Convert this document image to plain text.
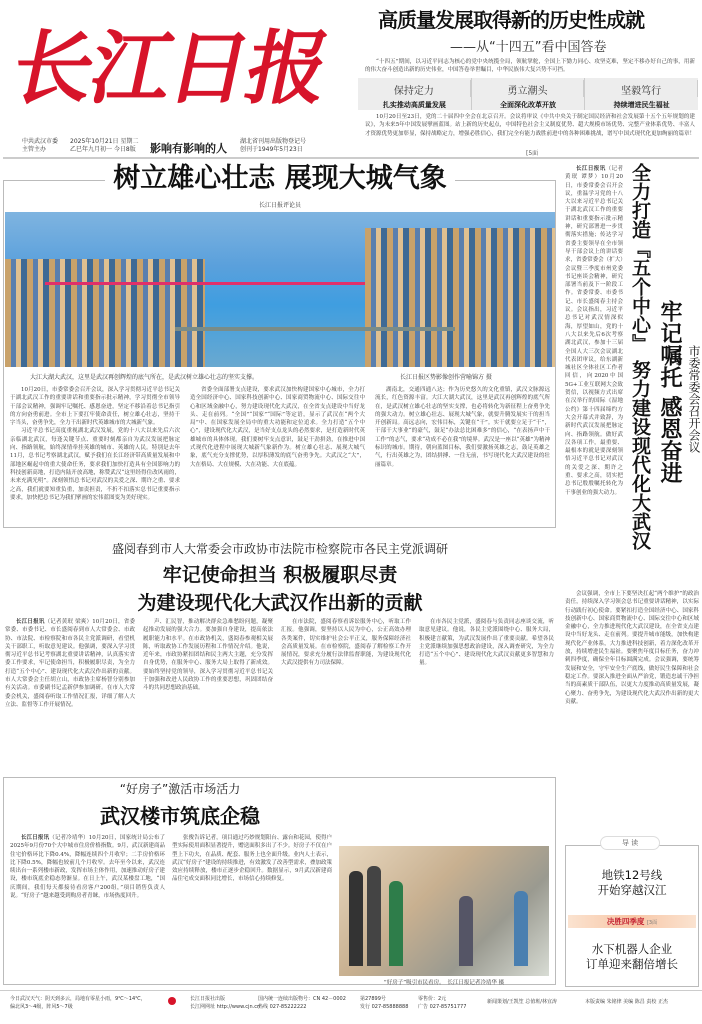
长江日报
中共武汉市委
主管主办
2025年10月21日 星期二
乙巳年九月初一 今日8版 影响有影响的人
湖北省刊用出版物登记号
创刊于1949年5月23日
高质量发展取得新的历史性成就
——从“十四五”看中国答卷
“十四五”期间，以习近平同志为核心的党中央统揽全局，领航掌舵，全国上下勠力同心、攻坚克难，坚定不移办好自己的事，用新的伟大奋斗创造出新的历史伟业，中国答卷举世瞩目，中华民族伟大复兴势不可挡。
保持定力
扎实推动高质量发展
勇立潮头
全面深化改革开放
坚毅笃行
持续增进民生福祉
10月20日至23日，党的二十届四中全会在北京召开。会议将审议《中共中央关于制定国民经济和社会发展第十五个五年规划的建议》，为未来5年中国发展擘画蓝图。站上新的历史起点，中国特色社会主义制度优势、超大规模市场优势、完整产业体系优势、丰富人才资源优势更加彰显，保持战略定力，增强必胜信心，我们完全有能力战胜前进中的各种困难挑战，谱写中国式现代化更加绚丽的篇章！
[5面
树立雄心壮志 展现大城气象
长江日报评论员
大江大湖大武汉，这里是武汉再创辉煌的底气所在，是武汉树立雄心壮志的坚实支撑。	长江日报区势影像创作营喻锦方 摄

10月20日，市委常委会召开会议，深入学习贯彻习近平总书记关于湖北武汉工作的重要讲话和重要指示批示精神，学习贯彻全市领导干部会议精神，强调牢记嘱托、感恩奋进，坚定不移沿着总书记指引的方向奋勇前进。全市上下要扛牢使命责任，树立雄心壮志，坚持干字当头，奋勇争先，全力干出新时代英雄城市的大城新气象。

习近平总书记高度重视湖北武汉发展，党的十八大以来先后六次亲临湖北武汉，每逢关键节点、重要时刻都亲自为武汉发展把脉定向、指路领航，始终深情牵挂英雄的城市、英雄的人民。特别是去年11月，总书记考察湖北武汉，赋予我们在长江经济带高质量发展和中部地区崛起中的重大使命任务，要求我们加快打造具有全国影响力的科技创新高地，打造内陆开放高地，称赞武汉“这里经得住改风雨的，未来充满光明”。深刻领悟总书记对武汉的关爱之深、期许之重、要求之高，我们就要知重负重，加责担责，不折不扣落实总书记重要指示要求，加快把总书记为我们擘画的宏伟蓝图变为美好现实。

省委全面部署支点建设，要求武汉加快构建国家中心城市，全力打造全国经济中心、国家科技创新中心、国家商贸物流中心、国际交往中心和区域金融中心，努力建设现代化大武汉，在全省支点建设中当好龙头、走在前列。“全国”“国家”“国际”等定语，显示了武汉在“两个大局”中、在国家发展全局中的重大功能和定位追求。全力打造“五个中心”，建设现代化大武汉，是当好支点龙头的必然要求，是打造新时代英雄城市的具体体现。我们要树牢支点意识，鼓足干劲拼劲，在推进中国式现代化进程中展现大城新气象新作为。树立雄心壮志、展现大城气象，底气充分支撑优势，以厚积薄发的底气奋勇争先。大武汉之“大”，大在格局、大在规模、大在功能、大在底蕴。

湖南北，交通四通八达；作为历史悠久的文化重镇，武汉文脉源远流长，红色资源丰富。大江大湖大武汉，这里是武汉再创辉煌的底气所在，是武汉树立雄心壮志的坚实支撑，也必将转化为新征程上奋勇争先的强大动力。树立雄心壮志、展现大城气象，就要升腾发展实干的担当开创新局。高远志向，宏伟目标，关键在“干”。实干就要立足于“干”，干部干大事业“的豪气，鼓足“办法总比困难多”的信心，“在表扬声中干工作”的志气，要求“功成不必在我”的境界。武汉是一座以“英雄”为精神标识的城市。期待，朝向蓝图目标，我们要激扬英雄之志，鼓足英雄之气，行出英雄之为，团结拼搏、一往无前，书写现代化大武汉建设的壮丽篇章。

盛阅春到市人大常委会市政协市法院市检察院市各民主党派调研
牢记使命担当 积极履职尽责
为建设现代化大武汉作出新的贡献

长江日报讯（记者黄珉 梁爽）10月20日，省委常委、市委书记、市长盛阅春到市人大常委会、市政协、市法院、市检察院和市各民主党派调研，看望机关干部职工，听取意见建议。他强调，要深入学习贯彻习近平总书记考察湖北重要讲话精神，认真落实省委工作要求，牢记使命担当，积极履职尽责，为全力打造“五个中心”、建设现代化大武汉作出新的贡献。市人大常委会主任胡立山，市政协主席杨智分别参加有关活动。市委副书记孟新伊参加调研。在市人大常委会机关，盛阅春听取工作情况汇报，详细了解人大立法、监督等工作开展情况。

声、汇民智，推动解决群众急难愁盼问题，凝聚起推动发展的强大合力。要加强自身建设，提高依法履职能力和水平。在市政协机关，盛阅春参观相关展陈，听取政协工作发展历程和工作情况介绍。他说，近年来，市政协紧扣团结和民主两大主题，充分发挥自身优势，在服务中心、服务大局上取得了新成效。要始终坚持党的领导，深入学习贯彻习近平总书记关于加强和改进人民政协工作的重要思想，巩固团结奋斗的共同思想政治基础。

在市法院，盛阅春察看诉讼服务中心，听取工作汇报。他强调，要坚持以人民为中心，公正高效办理各类案件，切实维护社会公平正义，服务保障经济社会高质量发展。在市检察院，盛阅春了解检察工作开展情况，要求充分履行法律监督职能，为建设现代化大武汉提供有力司法保障。

在市各民主党派，盛阅春与负责同志座谈交流，听取意见建议。他说，各民主党派围绕中心、服务大局，积极建言献策，为武汉发展作出了重要贡献。希望各民主党派继续加强思想政治建设，深入调查研究，为全力打造“五个中心”、建设现代化大武汉贡献更多智慧和力量。

“好房子”激活市场活力
武汉楼市筑底企稳

长江日报讯（记者冷靖华）10月20日，国家统计局公布了2025年9月份70个大中城市住房价格指数。9月，武汉新建商品住宅价格环比下降0.4%，降幅连续四个月收窄；二手房价格环比下降0.5%，降幅也较前几个月收窄。去年至今以来，武汉连续出台一系列楼市新政，发挥市场主体作用，加速推动好房子建设，楼市筑底企稳态势渐显。在日上午，武汉某楼盘工地，“国庆期间，我们每天都接待看房客户200组，”项目销售负责人说。“好房子”越来越受到购房者青睐，市场热度回升。

张俊告诉记者，项目通过巧妙规划阳台、露台和花园，使得户型实际使用面积显著提升，赠送面积多出了不少。好房子不仅在户型上下功夫，在品质、配套、服务上也全面升级。业内人士表示，武汉“好房子”建设的持续推进，有效激发了改善型需求，叠加政策效应持续释放，楼市正逐步企稳回升。数据显示，9月武汉新建商品住宅成交面积同比增长，市场信心持续修复。

“好房子”吸引市民看房。　 长江日报记者冷靖华 摄

长江日报讯（记者黄珉 谭梦）10月20日，市委常委会召开会议，重温学习党的十八大以来习近平总书记关于湖北武汉工作的重要讲话和重要指示批示精神，研究部署进一步贯彻落实措施；传达学习省委主要领导在全市领导干部会议上的讲话要求，省委常委会（扩大）会议暨三季度市州党委书记座谈会精神，研究部署当前及下一阶段工作。省委常委、市委书记、市长盛阅春主持会议。会议指出，习近平总书记对武汉情深似海，厚望如山，党的十八大以来先后6次考察湖北武汉，参加十三届全国人大三次会议湖北代表团审议，给东湖新城社区全体社区工作者回信，向2020中国5G+工业互联网大会致贺信，以视频方式出席在汉举行的国际《湿地公约》第十四届缔约方大会开幕式并致辞，为新时代武汉发展把脉定向、指路领航。做好武汉各项工作，最重要、最根本的就是要深刻领悟习近平总书记对武汉的关爱之深、期许之重、要求之高，切实把总书记殷殷嘱托转化为干事创业的强大动力。 全力打造『五个中心』 努力建设现代化大武汉 牢记嘱托 感恩奋进 市委常委会召开会议

会议强调，全市上下要坚决扛起“两个维护”的政治责任，持续深入学习领会总书记重要讲话精神，以实际行动践行初心使命。要紧扣打造全国经济中心、国家科技创新中心、国家商贸物流中心、国际交往中心和区域金融中心，全力推进现代化大武汉建设，在全省支点建设中当好龙头、走在前列。要提升城市能级，加快构建现代化产业体系，大力推进科技创新，着力深化改革开放，持续增进民生福祉。要聚焦年度目标任务，奋力冲刺四季度，确保全年目标圆满完成。会议强调，要统筹发展和安全，守牢安全生产底线，做好民生保障和社会稳定工作。要深入推进全面从严治党，锻造忠诚干净担当的高素质干部队伍，以更大力度推动高质量发展，凝心聚力、奋勇争先，为建设现代化大武汉作出新的更大贡献。

导 读
地铁12号线
开始穿越汉江
决胜四季度 [3面
水下机器人企业
订单迎来翻倍增长
今日武汉天气：阴天到多云，局地有零星小雨，9℃～14℃，
偏北风3～4级，阵风5～7级
长江日报社出版
长江网网址 http://www.cjn.cn
国内统一连续出版物号：CN 42－0002
热线 027-85222222
第27899号
发行 027-85888888
零售价：2元
广告 027-85751777
新闻策划/王凯笙 总值班/林宜涛	本版责编 朱铭律 美编 陈昌 责校 正杰
